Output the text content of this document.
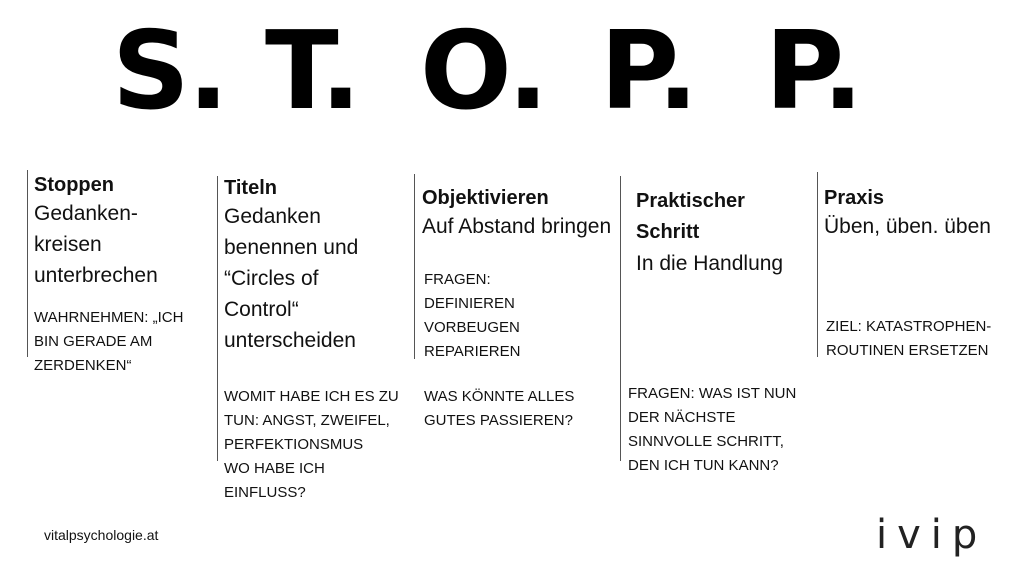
S. T. O. P. P.

Stoppen

Gedanken-

kreisen

unterbrechen

WAHRNEHMEN: „ICH

BIN GERADE AM

ZERDENKEN“

Titeln

Gedanken

benennen und

“Circles of

Control“

unterscheiden

WOMIT HABE ICH ES ZU

TUN: ANGST, ZWEIFEL,

PERFEKTIONSMUS

WO HABE ICH

EINFLUSS?

Objektivieren

Auf Abstand bringen

FRAGEN:

DEFINIEREN

VORBEUGEN

REPARIEREN

WAS KÖNNTE ALLES

GUTES PASSIEREN?

Praktischer

Schritt

In die Handlung

FRAGEN: WAS IST NUN

DER NÄCHSTE

SINNVOLLE SCHRITT,

DEN ICH TUN KANN?

Praxis

Üben, üben. üben

ZIEL: KATASTROPHEN-

ROUTINEN ERSETZEN

vitalpsychologie.at	ivip
